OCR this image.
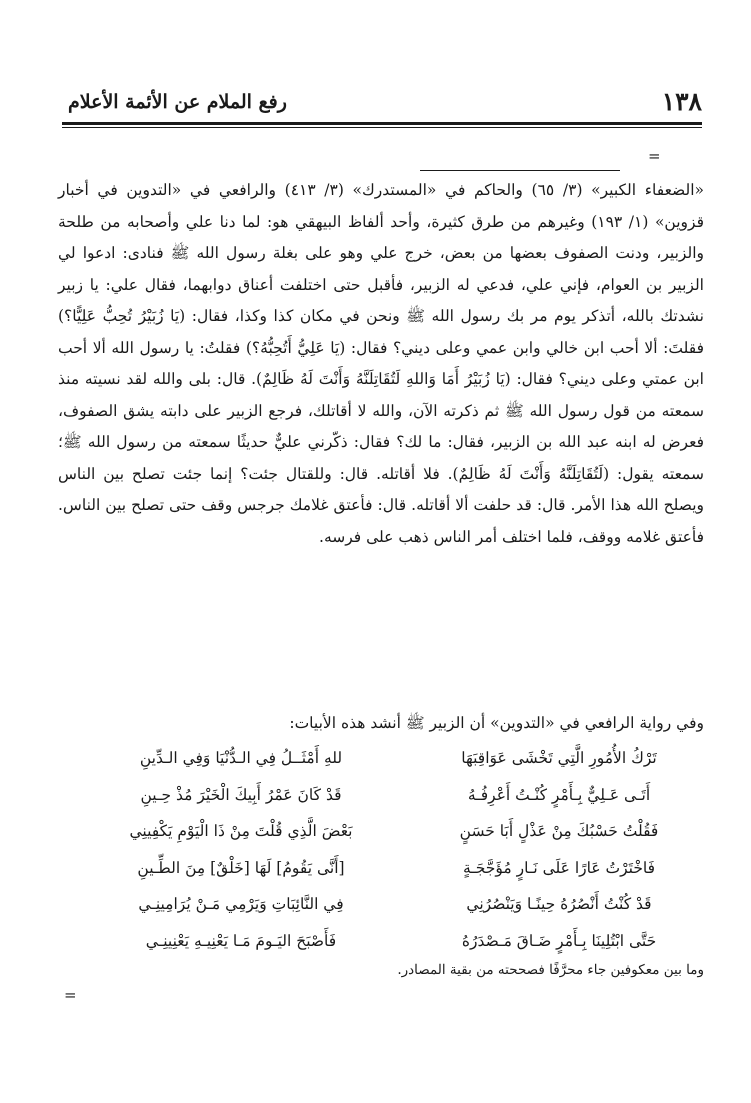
١٣٨
رفع الملام عن الأئمة الأعلام
=

«الضعفاء الكبير» (٣/ ٦٥) والحاكم في «المستدرك» (٣/ ٤١٣) والرافعي في «التدوين في أخبار قزوين» (١/ ١٩٣) وغيرهم من طرق كثيرة، وأحد ألفاظ البيهقي هو: لما دنا علي وأصحابه من طلحة والزبير، ودنت الصفوف بعضها من بعض، خرج علي وهو على بغلة رسول الله ﷺ فنادى: ادعوا لي الزبير بن العوام، فإني علي، فدعي له الزبير، فأقبل حتى اختلفت أعناق دوابهما، فقال علي: يا زبير نشدتك بالله، أتذكر يوم مر بك رسول الله ﷺ ونحن في مكان كذا وكذا، فقال: (يَا زُبَيْرُ تُحِبُّ عَلِيًّا؟) فقلتَ: ألا أحب ابن خالي وابن عمي وعلى ديني؟ فقال: (يَا عَلِيُّ أَتُحِبُّهُ؟) فقلتُ: يا رسول الله ألا أحب ابن عمتي وعلى ديني؟ فقال: (يَا زُبَيْرُ أَمَا وَاللهِ لَتُقَاتِلَنَّهُ وَأَنْتَ لَهُ ظَالِمٌ). قال: بلى والله لقد نسيته منذ سمعته من قول رسول الله ﷺ ثم ذكرته الآن، والله لا أقاتلك، فرجع الزبير على دابته يشق الصفوف، فعرض له ابنه عبد الله بن الزبير، فقال: ما لك؟ فقال: ذكّرني عليٌّ حديثًا سمعته من رسول الله ﷺ؛ سمعته يقول: (لَتُقَاتِلَنَّهُ وَأَنْتَ لَهُ ظَالِمٌ). فلا أقاتله. قال: وللقتال جئت؟ إنما جئت تصلح بين الناس ويصلح الله هذا الأمر. قال: قد حلفت ألا أقاتله. قال: فأعتق غلامك جرجس وقف حتى تصلح بين الناس. فأعتق غلامه ووقف، فلما اختلف أمر الناس ذهب على فرسه.

وفي رواية الرافعي في «التدوين» أن الزبير ﷺ أنشد هذه الأبيات:
تَرْكُ الأُمُورِ الَّتِي تَخْشَى عَوَاقِبَهَا
للهِ أَمْثَــلُ فِي الـدُّنْيَا وَفِي الـدِّينِ
أَتَـى عَـلِيٌّ بِـأَمْرٍ كُنْـتُ أَعْرِفُـهُ
قَدْ كَانَ عَمْرُ أَبِيكَ الْخَيْرَ مُذْ حِـينِ
فَقُلْتُ حَسْبُكَ مِنْ عَذْلٍ أَبَا حَسَنٍ
بَعْضَ الَّذِي قُلْتَ مِنْ ذَا الْيَوْمِ يَكْفِينِي
فَاخْتَرْتُ عَارًا عَلَى نَـارٍ مُؤَجَّجَـةٍ
[أَنَّى يَقُومُ] لَهَا [خَلْقٌ] مِنَ الطِّـينِ
قَدْ كُنْتُ أَنْصُرُهُ حِينًـا وَيَنْصُرُنِي
فِي النَّائِبَاتِ وَيَرْمِي مَـنْ يُرَامِينِـي
حَتَّى ابْتُلِينَا بِـأَمْرٍ ضَـاقَ مَـصْدَرُهُ
فَأَصْبَحَ اليَـومَ مَـا يَعْنِيـهِ يَعْنِينِـي
وما بين معكوفين جاء محرَّفًا فصححته من بقية المصادر.
=
